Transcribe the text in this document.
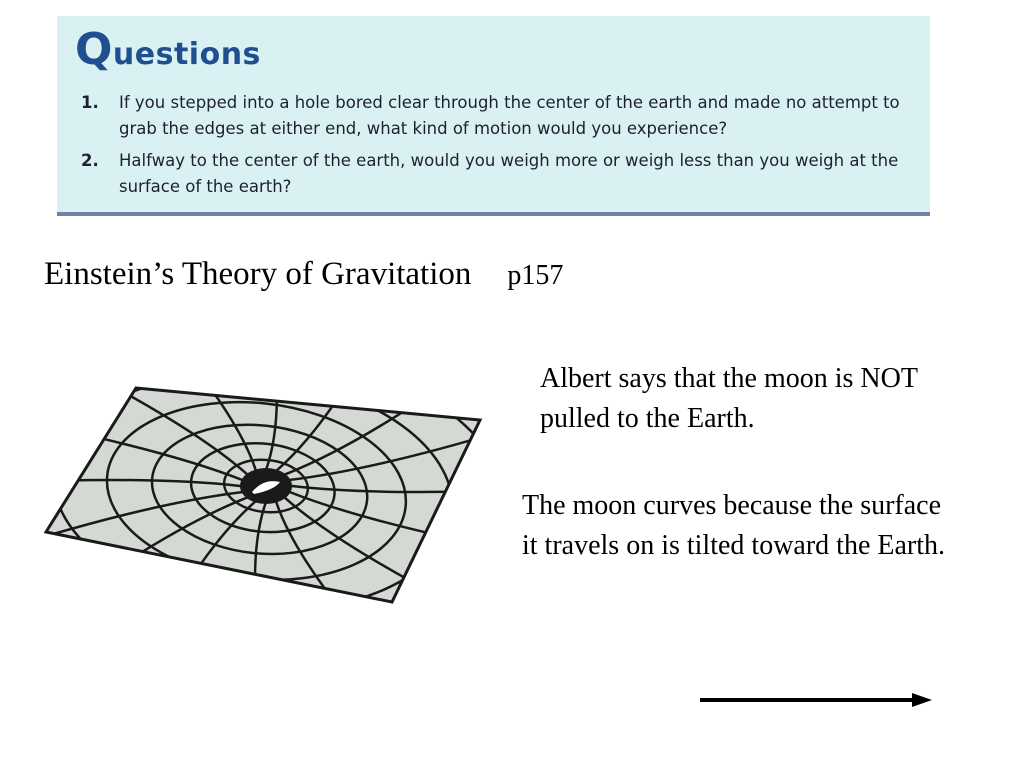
Questions
1. If you stepped into a hole bored clear through the center of the earth and made no attempt to grab the edges at either end, what kind of motion would you experience?
2. Halfway to the center of the earth, would you weigh more or weigh less than you weigh at the surface of the earth?
Einstein’s Theory of Gravitation p157

Albert says that the moon is NOT pulled to the Earth.

The moon curves because the surface it travels on is tilted toward the Earth.
